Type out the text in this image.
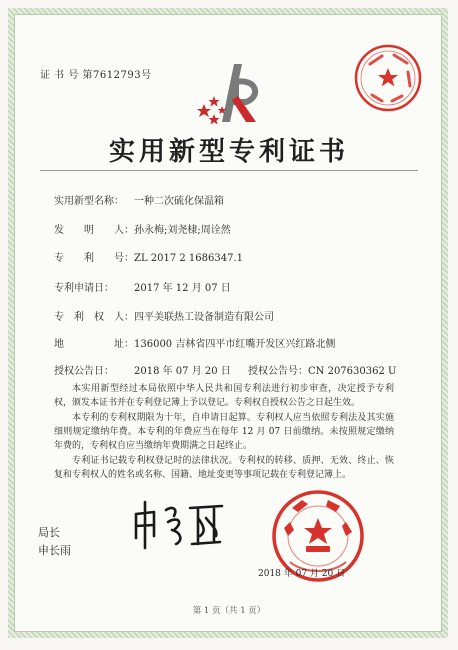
证 书 号 第7612793号
实用新型专利证书
实用新型名称： 一种二次硫化保温箱
发　　明　　人：孙永梅;刘尧棣;周诠然
专　　利　　号：ZL 2017 2 1686347.1
专利申请日： 2017 年 12 月 07 日
专　利　权　人：四平美联热工设备制造有限公司
地　　　　　址：136000 吉林省四平市红嘴开发区兴红路北侧
授权公告日： 2018 年 07 月 20 日 授权公告号：CN 207630362 U

本实用新型经过本局依照中华人民共和国专利法进行初步审查，决定授予专利权，颁发本证书并在专利登记簿上予以登记。专利权自授权公告之日起生效。

本专利的专利权期限为十年，自申请日起算。专利权人应当依照专利法及其实施细则规定缴纳年费。本专利的年费应当在每年 12 月 07 日前缴纳。未按照规定缴纳年费的，专利权自应当缴纳年费期满之日起终止。

专利证书记载专利权登记时的法律状况。专利权的转移、质押、无效、终止、恢复和专利权人的姓名或名称、国籍、地址变更等事项记载在专利登记簿上。

局长
申长雨
2018 年 07 月 20 日
第 1 页（共 1 页）
